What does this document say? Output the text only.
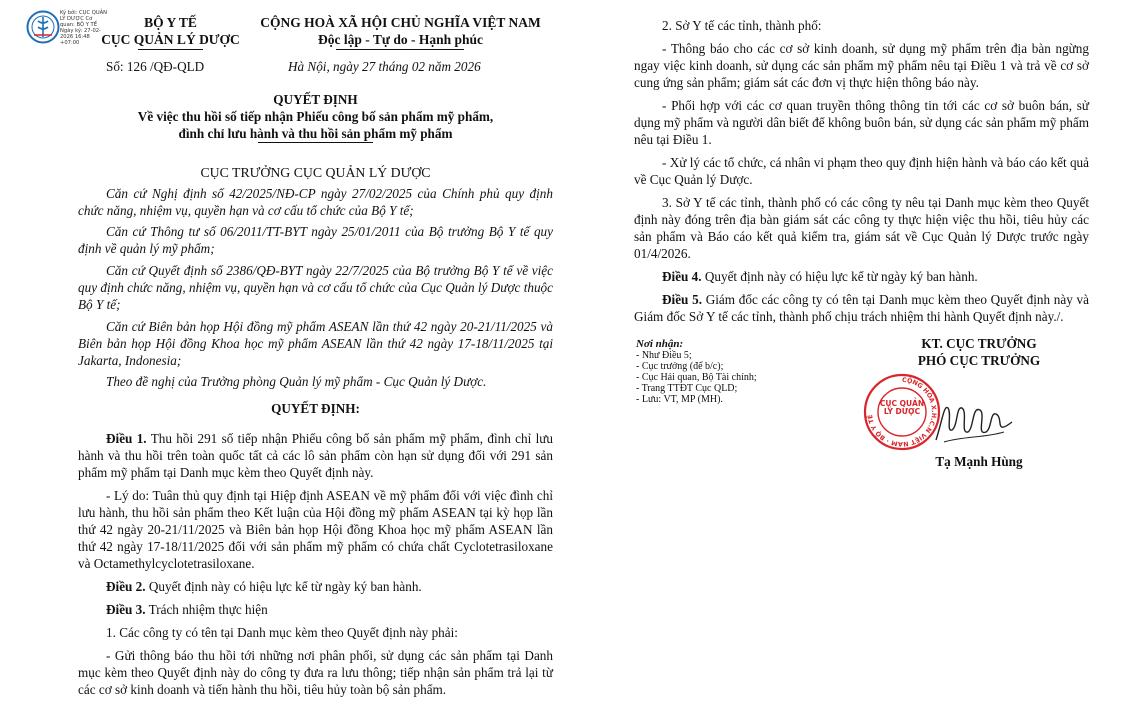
Ký bởi: CỤC QUẢN LÝ DƯỢC Cơ quan: BỘ Y TẾ Ngày ký: 27-02-2026 16:48 +07:00
BỘ Y TẾ
CỤC QUẢN LÝ DƯỢC
Số: 126 /QĐ-QLD
CỘNG HOÀ XÃ HỘI CHỦ NGHĨA VIỆT NAM
Độc lập - Tự do - Hạnh phúc
Hà Nội, ngày 27 tháng 02 năm 2026
QUYẾT ĐỊNH
Về việc thu hồi số tiếp nhận Phiếu công bố sản phẩm mỹ phẩm,
đình chỉ lưu hành và thu hồi sản phẩm mỹ phẩm
CỤC TRƯỞNG CỤC QUẢN LÝ DƯỢC

Căn cứ Nghị định số 42/2025/NĐ-CP ngày 27/02/2025 của Chính phủ quy định chức năng, nhiệm vụ, quyền hạn và cơ cấu tổ chức của Bộ Y tế;

Căn cứ Thông tư số 06/2011/TT-BYT ngày 25/01/2011 của Bộ trưởng Bộ Y tế quy định về quản lý mỹ phẩm;

Căn cứ Quyết định số 2386/QĐ-BYT ngày 22/7/2025 của Bộ trưởng Bộ Y tế về việc quy định chức năng, nhiệm vụ, quyền hạn và cơ cấu tổ chức của Cục Quản lý Dược thuộc Bộ Y tế;

Căn cứ Biên bản họp Hội đồng mỹ phẩm ASEAN lần thứ 42 ngày 20-21/11/2025 và Biên bản họp Hội đồng Khoa học mỹ phẩm ASEAN lần thứ 42 ngày 17-18/11/2025 tại Jakarta, Indonesia;

Theo đề nghị của Trưởng phòng Quản lý mỹ phẩm - Cục Quản lý Dược.

QUYẾT ĐỊNH:

Điều 1. Thu hồi 291 số tiếp nhận Phiếu công bố sản phẩm mỹ phẩm, đình chỉ lưu hành và thu hồi trên toàn quốc tất cả các lô sản phẩm còn hạn sử dụng đối với 291 sản phẩm mỹ phẩm tại Danh mục kèm theo Quyết định này.

- Lý do: Tuân thủ quy định tại Hiệp định ASEAN về mỹ phẩm đối với việc đình chỉ lưu hành, thu hồi sản phẩm theo Kết luận của Hội đồng mỹ phẩm ASEAN tại kỳ họp lần thứ 42 ngày 20-21/11/2025 và Biên bản họp Hội đồng Khoa học mỹ phẩm ASEAN lần thứ 42 ngày 17-18/11/2025 đối với sản phẩm mỹ phẩm có chứa chất Cyclotetrasiloxane và Octamethylcyclotetrasiloxane.

Điều 2. Quyết định này có hiệu lực kể từ ngày ký ban hành.

Điều 3. Trách nhiệm thực hiện

1. Các công ty có tên tại Danh mục kèm theo Quyết định này phải:

- Gửi thông báo thu hồi tới những nơi phân phối, sử dụng các sản phẩm tại Danh mục kèm theo Quyết định này do công ty đưa ra lưu thông; tiếp nhận sản phẩm trả lại từ các cơ sở kinh doanh và tiến hành thu hồi, tiêu hủy toàn bộ sản phẩm.

2. Sở Y tế các tỉnh, thành phố:

- Thông báo cho các cơ sở kinh doanh, sử dụng mỹ phẩm trên địa bàn ngừng ngay việc kinh doanh, sử dụng các sản phẩm mỹ phẩm nêu tại Điều 1 và trả về cơ sở cung ứng sản phẩm; giám sát các đơn vị thực hiện thông báo này.

- Phối hợp với các cơ quan truyền thông thông tin tới các cơ sở buôn bán, sử dụng mỹ phẩm và người dân biết để không buôn bán, sử dụng các sản phẩm mỹ phẩm nêu tại Điều 1.

- Xử lý các tổ chức, cá nhân vi phạm theo quy định hiện hành và báo cáo kết quả về Cục Quản lý Dược.

3. Sở Y tế các tỉnh, thành phố có các công ty nêu tại Danh mục kèm theo Quyết định này đóng trên địa bàn giám sát các công ty thực hiện việc thu hồi, tiêu hủy các sản phẩm và Báo cáo kết quả kiểm tra, giám sát về Cục Quản lý Dược trước ngày 01/4/2026.

Điều 4. Quyết định này có hiệu lực kể từ ngày ký ban hành.

Điều 5. Giám đốc các công ty có tên tại Danh mục kèm theo Quyết định này và Giám đốc Sở Y tế các tỉnh, thành phố chịu trách nhiệm thi hành Quyết định này./.

Nơi nhận:
- Như Điều 5;
- Cục trưởng (để b/c);
- Cục Hải quan, Bộ Tài chính;
- Trang TTĐT Cục QLD;
- Lưu: VT, MP (MH).
KT. CỤC TRƯỞNG
PHÓ CỤC TRƯỞNG
CỘNG HÒA X.H.C.N VIỆT NAM · BỘ Y TẾ
CỤC QUẢN LÝ DƯỢC
Tạ Mạnh Hùng
